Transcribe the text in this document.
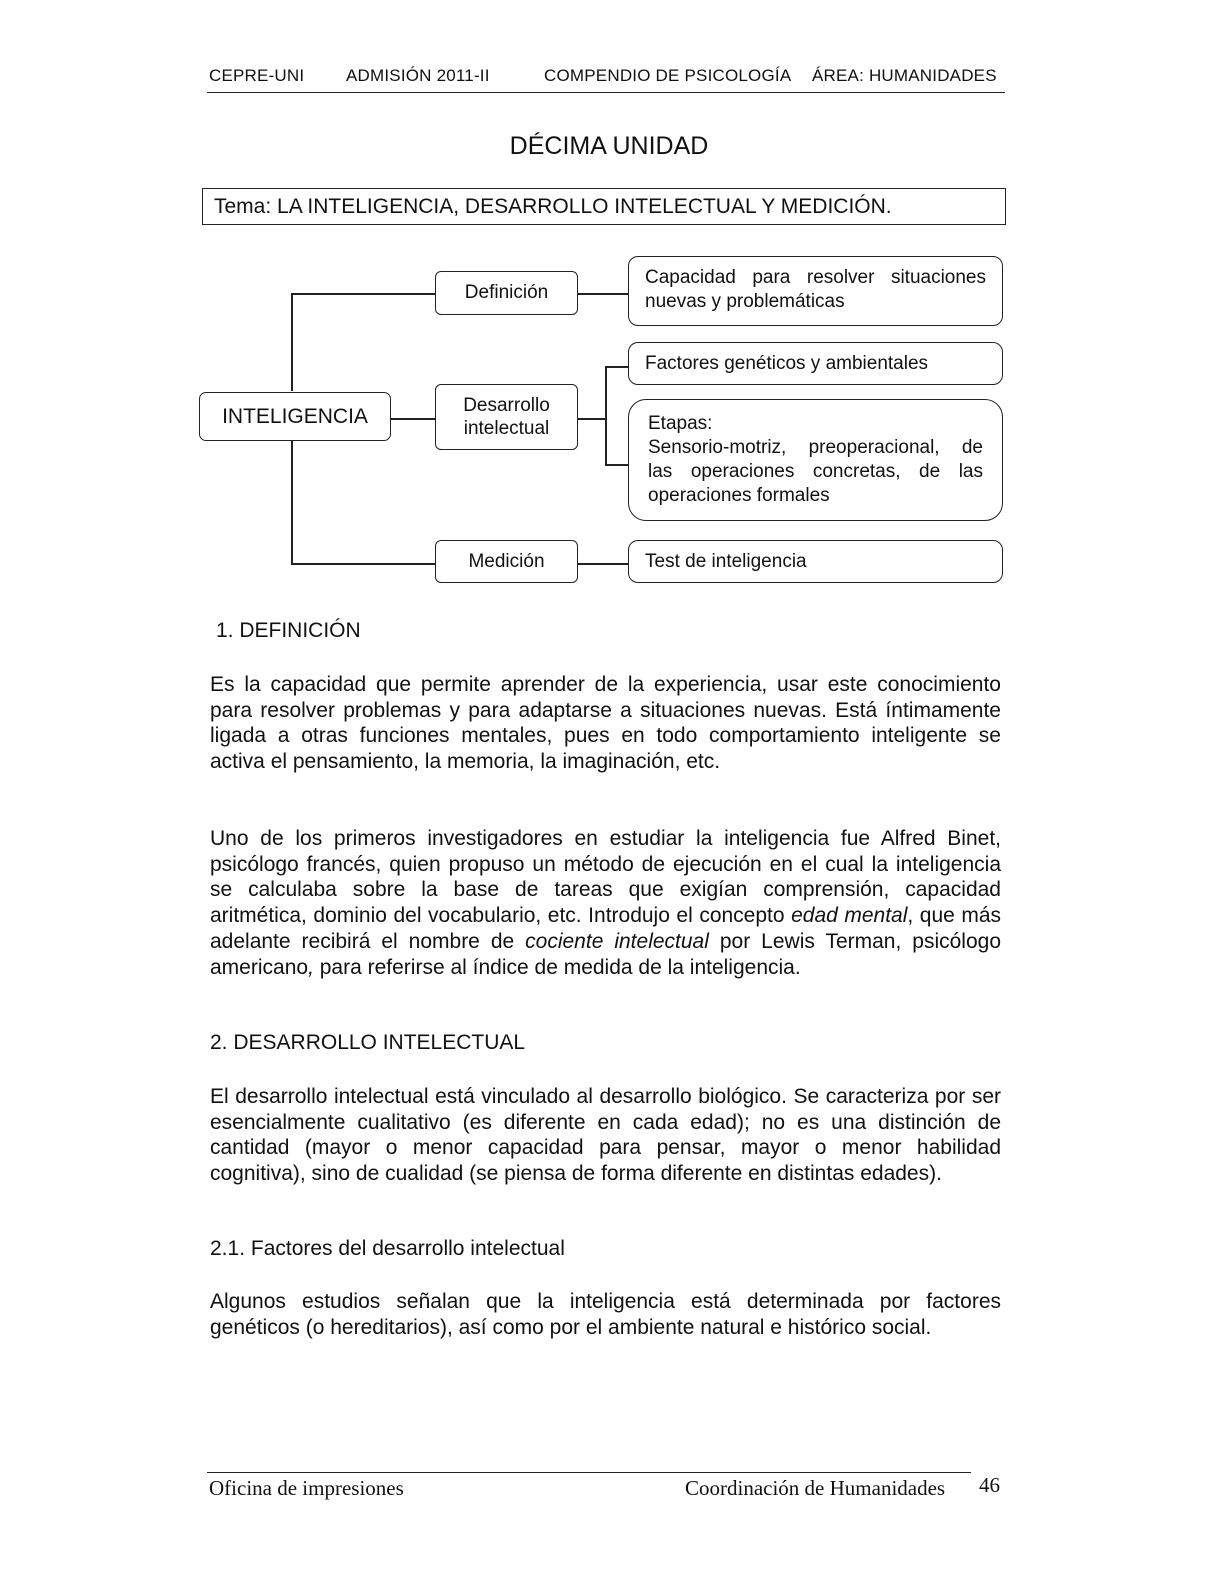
CEPRE-UNI ADMISIÓN 2011-II	COMPENDIO DE PSICOLOGÍA ÁREA: HUMANIDADES
DÉCIMA UNIDAD
Tema: LA INTELIGENCIA, DESARROLLO INTELECTUAL Y MEDICIÓN.
INTELIGENCIA
Definición
Desarrollo
intelectual
Medición
Capacidad para resolver situaciones
nuevas y problemáticas
Factores genéticos y ambientales
Etapas:
Sensorio-motriz, preoperacional, de
las operaciones concretas, de las
operaciones formales
Test de inteligencia
1. DEFINICIÓN

Es la capacidad que permite aprender de la experiencia, usar este conocimiento para resolver problemas y para adaptarse a situaciones nuevas. Está íntimamente ligada a otras funciones mentales, pues en todo comportamiento inteligente se activa el pensamiento, la memoria, la imaginación, etc.

Uno de los primeros investigadores en estudiar la inteligencia fue Alfred Binet, psicólogo francés, quien propuso un método de ejecución en el cual la inteligencia se calculaba sobre la base de tareas que exigían comprensión, capacidad aritmética, dominio del vocabulario, etc. Introdujo el concepto edad mental, que más adelante recibirá el nombre de cociente intelectual por Lewis Terman, psicólogo americano, para referirse al índice de medida de la inteligencia.

2. DESARROLLO INTELECTUAL

El desarrollo intelectual está vinculado al desarrollo biológico. Se caracteriza por ser esencialmente cualitativo (es diferente en cada edad); no es una distinción de cantidad (mayor o menor capacidad para pensar, mayor o menor habilidad cognitiva), sino de cualidad (se piensa de forma diferente en distintas edades).

2.1. Factores del desarrollo intelectual

Algunos estudios señalan que la inteligencia está determinada por factores genéticos (o hereditarios), así como por el ambiente natural e histórico social.

Oficina de impresiones	Coordinación de Humanidades 46
